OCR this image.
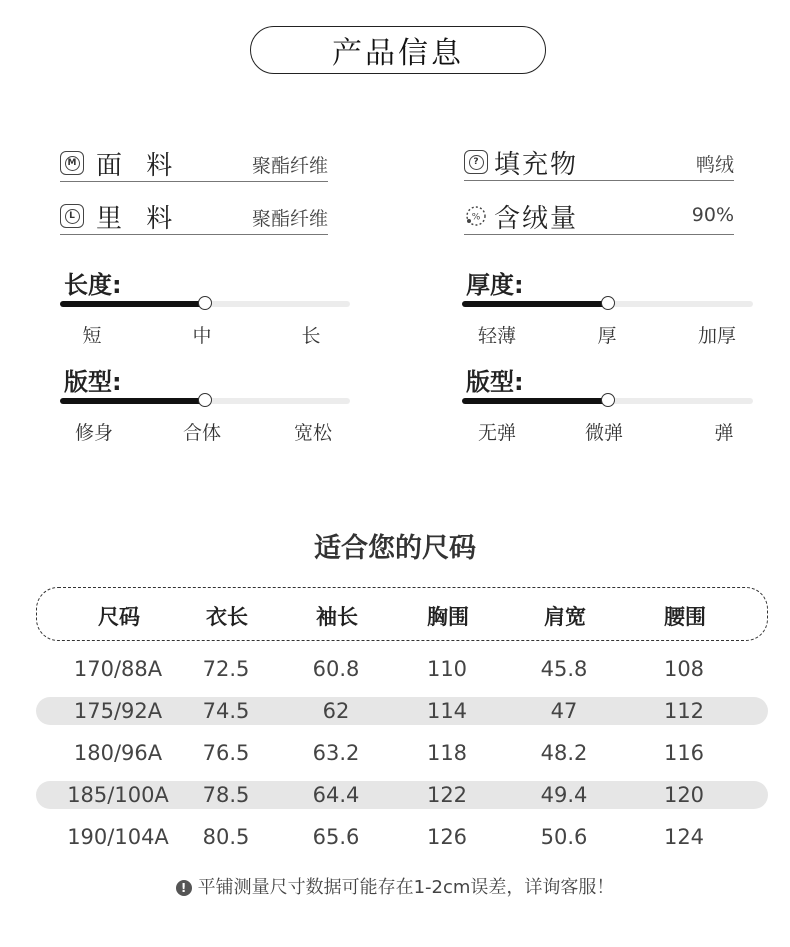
产品信息
M 面 料	聚酯纤维	? 填充物	鸭绒
L 里 料	聚酯纤维	% 含绒量	90%
长度:
短	中	长
厚度:
轻薄	厚	加厚
版型:
修身	合体	宽松
版型:
无弹	微弹	弹
适合您的尺码
尺码	衣长	袖长	胸围	肩宽	腰围
170/88A 72.5	60.8	110	45.8	108
175/92A 74.5	62	114	47	112
180/96A 76.5	63.2	118	48.2	116
185/100A 78.5	64.4	122	49.4	120
190/104A 80.5	65.6	126	50.6	124
! 平铺测量尺寸数据可能存在1-2cm误差，详询客服！
